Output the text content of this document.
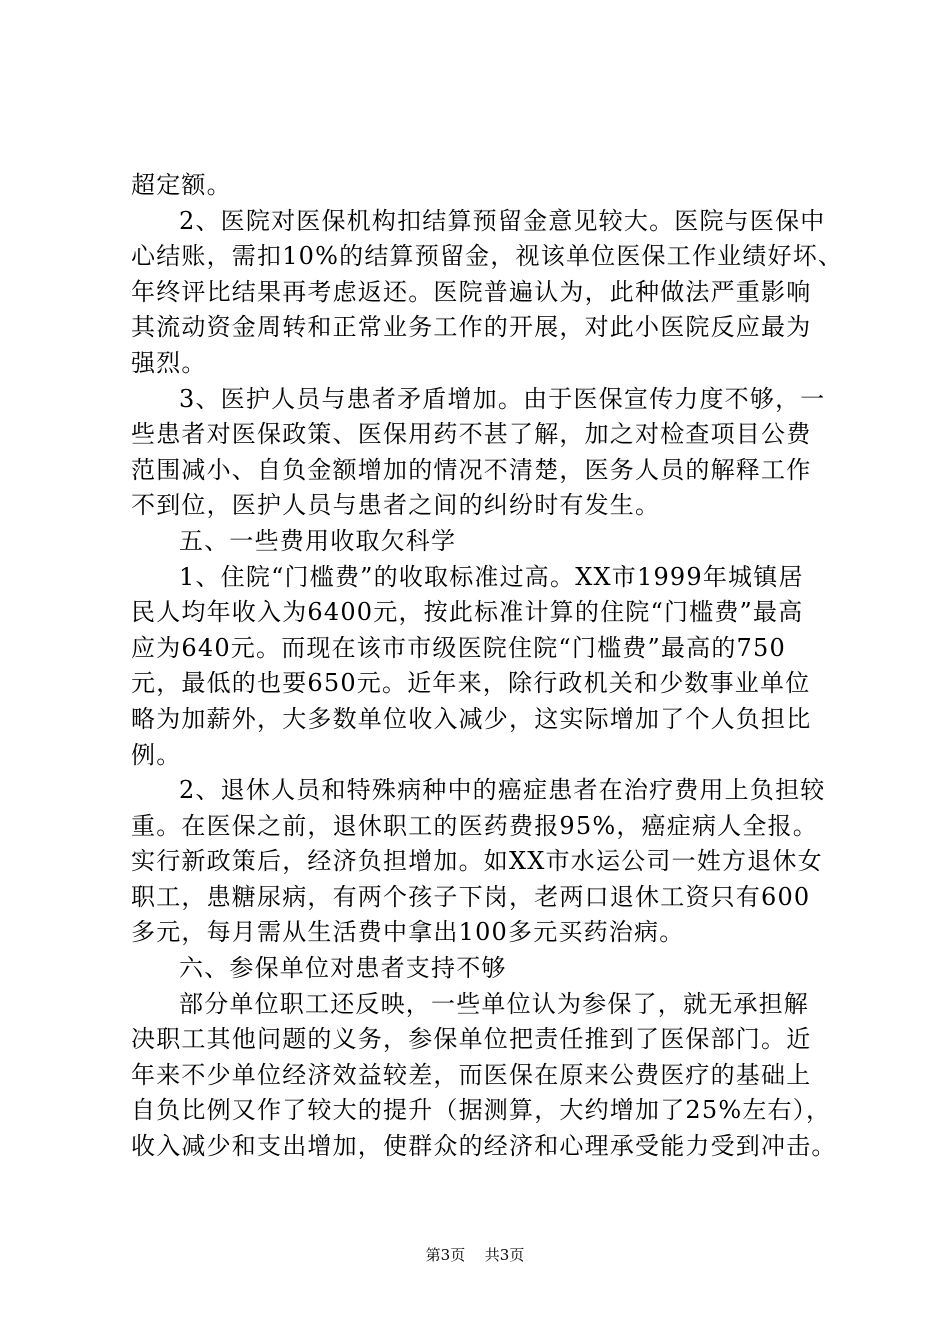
超定额。
2、医院对医保机构扣结算预留金意见较大。医院与医保中
心结账，需扣10%的结算预留金，视该单位医保工作业绩好坏、
年终评比结果再考虑返还。医院普遍认为，此种做法严重影响
其流动资金周转和正常业务工作的开展，对此小医院反应最为
强烈。
3、医护人员与患者矛盾增加。由于医保宣传力度不够，一
些患者对医保政策、医保用药不甚了解，加之对检查项目公费
范围减小、自负金额增加的情况不清楚，医务人员的解释工作
不到位，医护人员与患者之间的纠纷时有发生。
五、一些费用收取欠科学
1、住院“门槛费”的收取标准过高。XX市1999年城镇居
民人均年收入为6400元，按此标准计算的住院“门槛费”最高
应为640元。而现在该市市级医院住院“门槛费”最高的750
元，最低的也要650元。近年来，除行政机关和少数事业单位
略为加薪外，大多数单位收入减少，这实际增加了个人负担比
例。
2、退休人员和特殊病种中的癌症患者在治疗费用上负担较
重。在医保之前，退休职工的医药费报95%，癌症病人全报。
实行新政策后，经济负担增加。如XX市水运公司一姓方退休女
职工，患糖尿病，有两个孩子下岗，老两口退休工资只有600
多元，每月需从生活费中拿出100多元买药治病。
六、参保单位对患者支持不够
部分单位职工还反映，一些单位认为参保了，就无承担解
决职工其他问题的义务，参保单位把责任推到了医保部门。近
年来不少单位经济效益较差，而医保在原来公费医疗的基础上
自负比例又作了较大的提升（据测算，大约增加了25%左右），
收入减少和支出增加，使群众的经济和心理承受能力受到冲击。
第3页 共3页
